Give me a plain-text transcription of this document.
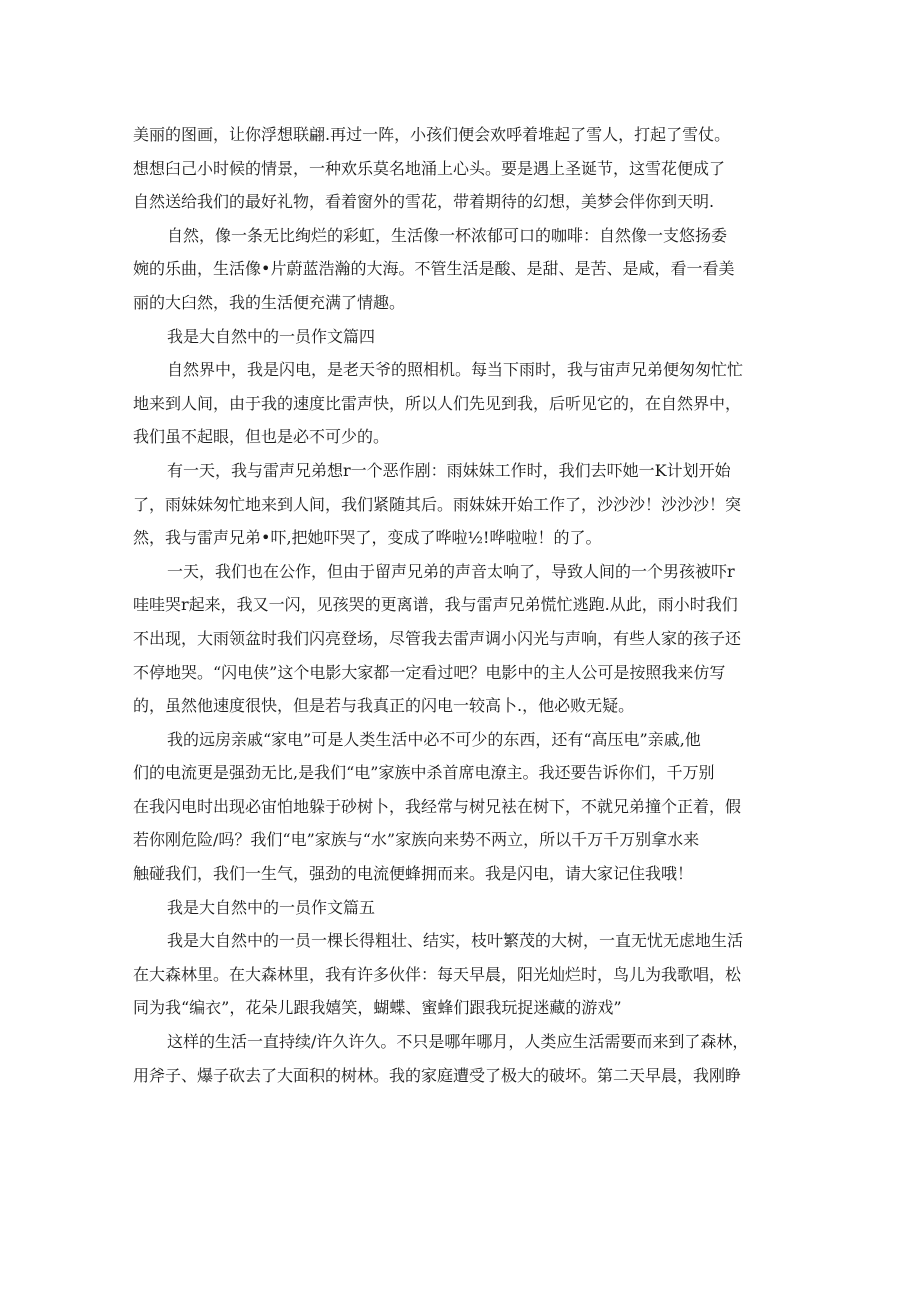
美丽的图画，让你浮想联翩.再过一阵，小孩们便会欢呼着堆起了雪人，打起了雪仗。
想想臼己小时候的情景，一种欢乐莫名地涌上心头。要是遇上圣诞节，这雪花便成了
自然送给我们的最好礼物，看着窗外的雪花，带着期待的幻想，美梦会伴你到天明.
自然，像一条无比绚烂的彩虹，生活像一杯浓郁可口的咖啡：自然像一支悠扬委
婉的乐曲，生活像•片蔚蓝浩瀚的大海。不管生活是酸、是甜、是苦、是咸，看一看美
丽的大臼然，我的生活便充满了情趣。
我是大自然中的一员作文篇四
自然界中，我是闪电，是老天爷的照相机。每当下雨时，我与宙声兄弟便匆匆忙忙
地来到人间，由于我的速度比雷声快，所以人们先见到我，后听见它的，在自然界中，
我们虽不起眼，但也是必不可少的。
有一天，我与雷声兄弟想r一个恶作剧：雨妹妹工作时，我们去吓她一K计划开始
了，雨妹妹匆忙地来到人间，我们紧随其后。雨妹妹开始工作了，沙沙沙！沙沙沙！突
然，我与雷声兄弟•吓,把她吓哭了，变成了哗啦½!哗啦啦！的了。
一天，我们也在公作，但由于留声兄弟的声音太响了，导致人间的一个男孩被吓r
哇哇哭r起来，我又一闪，见孩哭的更离谱，我与雷声兄弟慌忙逃跑.从此，雨小时我们
不出现，大雨领盆时我们闪亮登场，尽管我去雷声调小闪光与声响，有些人家的孩子还
不停地哭。“闪电侠”这个电影大家都一定看过吧？电影中的主人公可是按照我来仿写
的，虽然他速度很快，但是若与我真正的闪电一较高卜.，他必败无疑。
我的远房亲戚“家电”可是人类生活中必不可少的东西，还有“高压电”亲戚,他
们的电流更是强劲无比,是我们“电”家族中杀首席电潦主。我还要告诉你们，千万别
在我闪电时出现必宙怕地躲于砂树卜，我经常与树兄袪在树下，不就兄弟撞个正着，假
若你刚危险/吗？我们“电”家族与“水”家族向来势不两立，所以千万千万别拿水来
触碰我们，我们一生气，强劲的电流便蜂拥而来。我是闪电，请大家记住我哦！
我是大自然中的一员作文篇五
我是大自然中的一员一棵长得粗壮、结实，枝叶繁茂的大树，一直无忧无虑地生活
在大森林里。在大森林里，我有许多伙伴：每天早晨，阳光灿烂时，鸟儿为我歌唱，松
同为我“编衣”，花朵儿跟我嬉笑，蝴蝶、蜜蜂们跟我玩捉迷藏的游戏”
这样的生活一直持续/许久许久。不只是哪年哪月，人类应生活需要而来到了森林，
用斧子、爆子砍去了大面积的树林。我的家庭遭受了极大的破坏。第二天早晨，我刚睁
